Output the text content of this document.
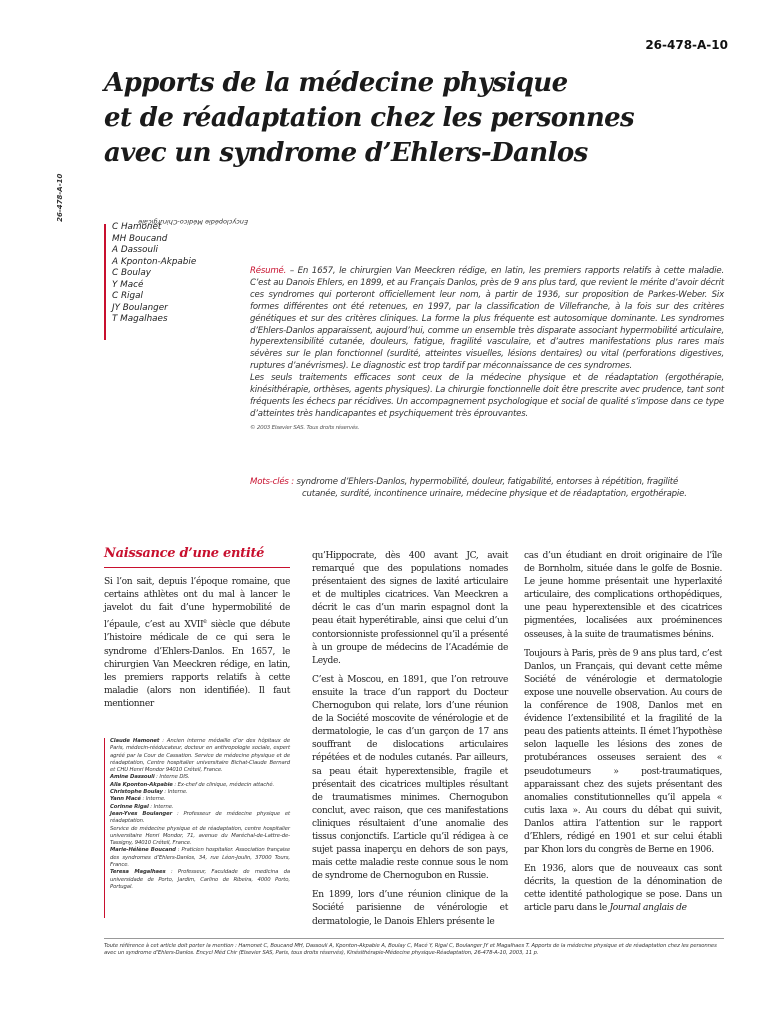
Encyclopédie Médico-Chirurgicale
26-478-A-10
26-478-A-10
Apports de la médecine physique
et de réadaptation chez les personnes
avec un syndrome d’Ehlers-Danlos
C Hamonet
MH Boucand
A Dassouli
A Kponton-Akpabie
C Boulay
Y Macé
C Rigal
JY Boulanger
T Magalhaes

Résumé. – En 1657, le chirurgien Van Meeckren rédige, en latin, les premiers rapports relatifs à cette maladie. C’est au Danois Ehlers, en 1899, et au Français Danlos, près de 9 ans plus tard, que revient le mérite d’avoir décrit ces syndromes qui porteront officiellement leur nom, à partir de 1936, sur proposition de Parkes-Weber. Six formes différentes ont été retenues, en 1997, par la classification de Villefranche, à la fois sur des critères génétiques et sur des critères cliniques. La forme la plus fréquente est autosomique dominante. Les syndromes d’Ehlers-Danlos apparaissent, aujourd’hui, comme un ensemble très disparate associant hypermobilité articulaire, hyperextensibilité cutanée, douleurs, fatigue, fragilité vasculaire, et d’autres manifestations plus rares mais sévères sur le plan fonctionnel (surdité, atteintes visuelles, lésions dentaires) ou vital (perforations digestives, ruptures d’anévrismes). Le diagnostic est trop tardif par méconnaissance de ces syndromes.

Les seuls traitements efficaces sont ceux de la médecine physique et de réadaptation (ergothérapie, kinésithérapie, orthèses, agents physiques). La chirurgie fonctionnelle doit être prescrite avec prudence, tant sont fréquents les échecs par récidives. Un accompagnement psychologique et social de qualité s’impose dans ce type d’atteintes très handicapantes et psychiquement très éprouvantes.

© 2003 Elsevier SAS. Tous droits réservés.
Mots-clés : syndrome d’Ehlers-Danlos, hypermobilité, douleur, fatigabilité, entorses à répétition, fragilité
cutanée, surdité, incontinence urinaire, médecine physique et de réadaptation, ergothérapie.
Naissance d’une entité

Si l’on sait, depuis l’époque romaine, que certains athlètes ont du mal à lancer le javelot du fait d’une hypermobilité de l’épaule, c’est au XVIIe siècle que débute l’histoire médicale de ce qui sera le syndrome d’Ehlers-Danlos. En 1657, le chirurgien Van Meeckren rédige, en latin, les premiers rapports relatifs à cette maladie (alors non identifiée). Il faut mentionner

Claude Hamonet : Ancien interne médaille d’or des hôpitaux de Paris, médecin-rééducateur, docteur en anthropologie sociale, expert agréé par la Cour de Cassation. Service de médecine physique et de réadaptation, Centre hospitalier universitaire Bichat-Claude Bernard et CHU Henri Mondor 94010 Créteil, France.

Amine Dassouli : Interne DIS.

Alla Kponton-Akpabie : Ex-chef de clinique, médecin attaché.

Christophe Boulay : Interne.

Yann Macé : Interne.

Corinne Rigal : Interne.

Jean-Yves Boulanger : Professeur de médecine physique et réadaptation.

Service de médecine physique et de réadaptation, centre hospitalier universitaire Henri Mondor, 71, avenue du Maréchal-de-Lattre-de-Tassigny, 94010 Créteil, France.

Marie-Hélène Boucand : Praticien hospitalier. Association française des syndromes d’Ehlers-Danlos, 34, rue Léon-Joulin, 37000 Tours, France.

Teresa Magalhaes : Professeur, Faculdade de medicina da universidade de Porto, Jardim, Carlino de Ribeira, 4000 Porto, Portugal.

qu’Hippocrate, dès 400 avant JC, avait remarqué que des populations nomades présentaient des signes de laxité articulaire et de multiples cicatrices. Van Meeckren a décrit le cas d’un marin espagnol dont la peau était hyperétirable, ainsi que celui d’un contorsionniste professionnel qu’il a présenté à un groupe de médecins de l’Académie de Leyde.

C’est à Moscou, en 1891, que l’on retrouve ensuite la trace d’un rapport du Docteur Chernogubon qui relate, lors d’une réunion de la Société moscovite de vénérologie et de dermatologie, le cas d’un garçon de 17 ans souffrant de dislocations articulaires répétées et de nodules cutanés. Par ailleurs, sa peau était hyperextensible, fragile et présentait des cicatrices multiples résultant de traumatismes minimes. Chernogubon conclut, avec raison, que ces manifestations cliniques résultaient d’une anomalie des tissus conjonctifs. L’article qu’il rédigea à ce sujet passa inaperçu en dehors de son pays, mais cette maladie reste connue sous le nom de syndrome de Chernogubon en Russie.

En 1899, lors d’une réunion clinique de la Société parisienne de vénérologie et dermatologie, le Danois Ehlers présente le

cas d’un étudiant en droit originaire de l’île de Bornholm, située dans le golfe de Bosnie. Le jeune homme présentait une hyperlaxité articulaire, des complications orthopédiques, une peau hyperextensible et des cicatrices pigmentées, localisées aux proéminences osseuses, à la suite de traumatismes bénins.

Toujours à Paris, près de 9 ans plus tard, c’est Danlos, un Français, qui devant cette même Société de vénérologie et dermatologie expose une nouvelle observation. Au cours de la conférence de 1908, Danlos met en évidence l’extensibilité et la fragilité de la peau des patients atteints. Il émet l’hypothèse selon laquelle les lésions des zones de protubérances osseuses seraient des « pseudotumeurs » post-traumatiques, apparaissant chez des sujets présentant des anomalies constitutionnelles qu’il appela « cutis laxa ». Au cours du débat qui suivit, Danlos attira l’attention sur le rapport d’Ehlers, rédigé en 1901 et sur celui établi par Khon lors du congrès de Berne en 1906.

En 1936, alors que de nouveaux cas sont décrits, la question de la dénomination de cette identité pathologique se pose. Dans un article paru dans le Journal anglais de

Toute référence à cet article doit porter la mention : Hamonet C, Boucand MH, Dassouli A, Kponton-Akpabie A, Boulay C, Macé Y, Rigal C, Boulanger JY et Magalhaes T. Apports de la médecine physique et de réadaptation chez les personnes avec un syndrome d’Ehlers-Danlos. Encycl Méd Chir (Elsevier SAS, Paris, tous droits réservés), Kinésithérapie-Médecine physique-Réadaptation, 26-478-A-10, 2003, 11 p.
